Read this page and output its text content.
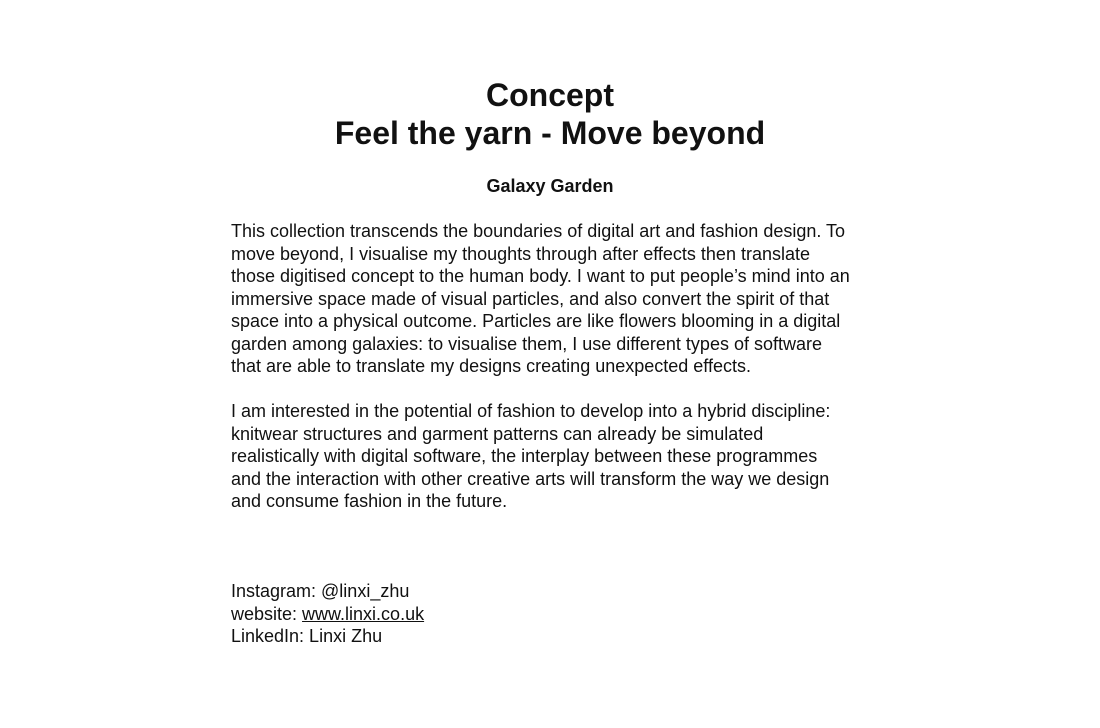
Concept
Feel the yarn - Move beyond
Galaxy Garden

This collection transcends the boundaries of digital art and fashion design. To
move beyond, I visualise my thoughts through after effects then translate
those digitised concept to the human body. I want to put people’s mind into an
immersive space made of visual particles, and also convert the spirit of that
space into a physical outcome. Particles are like flowers blooming in a digital
garden among galaxies: to visualise them, I use different types of software
that are able to translate my designs creating unexpected effects.

I am interested in the potential of fashion to develop into a hybrid discipline:
knitwear structures and garment patterns can already be simulated
realistically with digital software, the interplay between these programmes
and the interaction with other creative arts will transform the way we design
and consume fashion in the future.

Instagram: @linxi_zhu
website: www.linxi.co.uk
LinkedIn: Linxi Zhu
